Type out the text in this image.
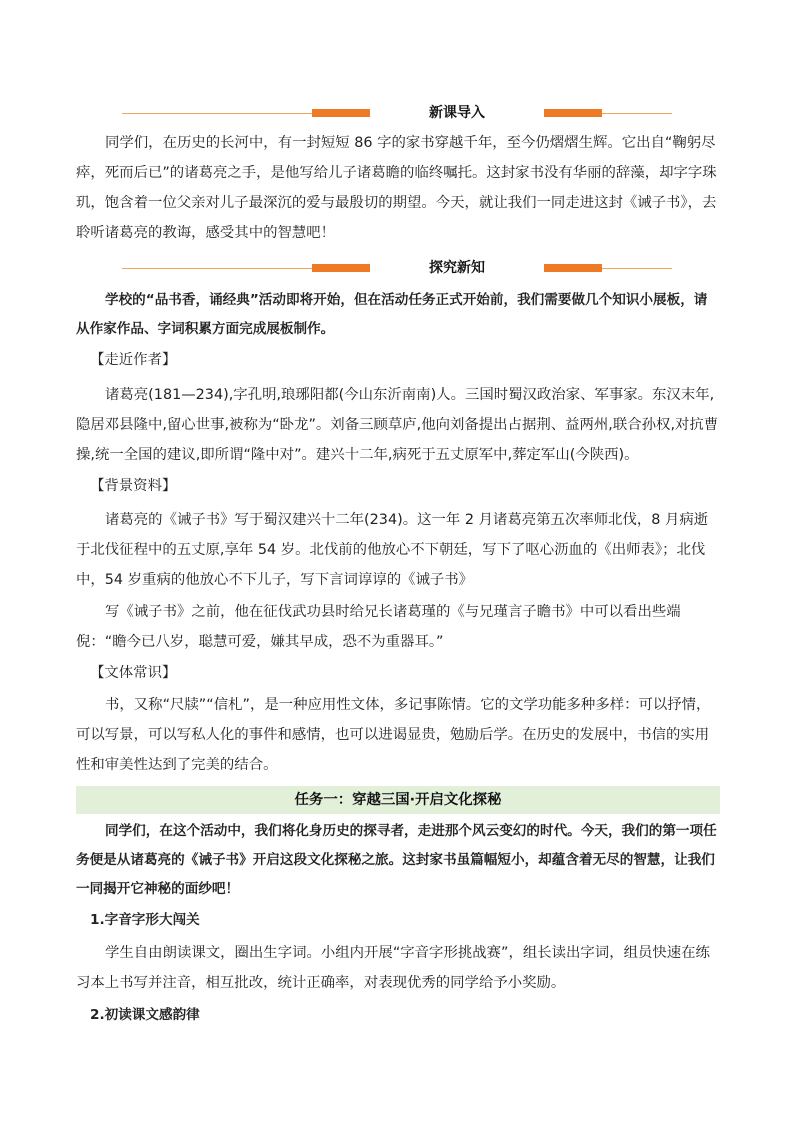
新课导入

同学们，在历史的长河中，有一封短短 86 字的家书穿越千年，至今仍熠熠生辉。它出自“鞠躬尽瘁，死而后已”的诸葛亮之手，是他写给儿子诸葛瞻的临终嘱托。这封家书没有华丽的辞藻，却字字珠玑，饱含着一位父亲对儿子最深沉的爱与最殷切的期望。今天，就让我们一同走进这封《诫子书》，去聆听诸葛亮的教诲，感受其中的智慧吧！

探究新知

学校的“品书香，诵经典”活动即将开始，但在活动任务正式开始前，我们需要做几个知识小展板，请从作家作品、字词积累方面完成展板制作。

【走近作者】

诸葛亮(181—234),字孔明,琅琊阳都(今山东沂南南)人。三国时蜀汉政治家、军事家。东汉末年,隐居邓县隆中,留心世事,被称为“卧龙”。刘备三顾草庐,他向刘备提出占据荆、益两州,联合孙权,对抗曹操,统一全国的建议,即所谓“隆中对”。建兴十二年,病死于五丈原军中,葬定军山(今陕西)。

【背景资料】

诸葛亮的《诫子书》写于蜀汉建兴十二年(234)。这一年 2 月诸葛亮第五次率师北伐，8 月病逝于北伐征程中的五丈原,享年 54 岁。北伐前的他放心不下朝廷，写下了呕心沥血的《出师表》；北伐中，54 岁重病的他放心不下儿子，写下言词谆谆的《诫子书》

写《诫子书》之前，他在征伐武功县时给兄长诸葛瑾的《与兄瑾言子瞻书》中可以看出些端倪：“瞻今已八岁，聪慧可爱，嫌其早成，恐不为重器耳。”

【文体常识】

书，又称“尺牍”“信札”，是一种应用性文体，多记事陈情。它的文学功能多种多样：可以抒情，可以写景，可以写私人化的事件和感情，也可以进谒显贵，勉励后学。在历史的发展中，书信的实用性和审美性达到了完美的结合。

任务一：穿越三国·开启文化探秘

同学们，在这个活动中，我们将化身历史的探寻者，走进那个风云变幻的时代。今天，我们的第一项任务便是从诸葛亮的《诫子书》开启这段文化探秘之旅。这封家书虽篇幅短小，却蕴含着无尽的智慧，让我们一同揭开它神秘的面纱吧！

1.字音字形大闯关

学生自由朗读课文，圈出生字词。小组内开展“字音字形挑战赛”，组长读出字词，组员快速在练习本上书写并注音，相互批改，统计正确率，对表现优秀的同学给予小奖励。

2.初读课文感韵律
